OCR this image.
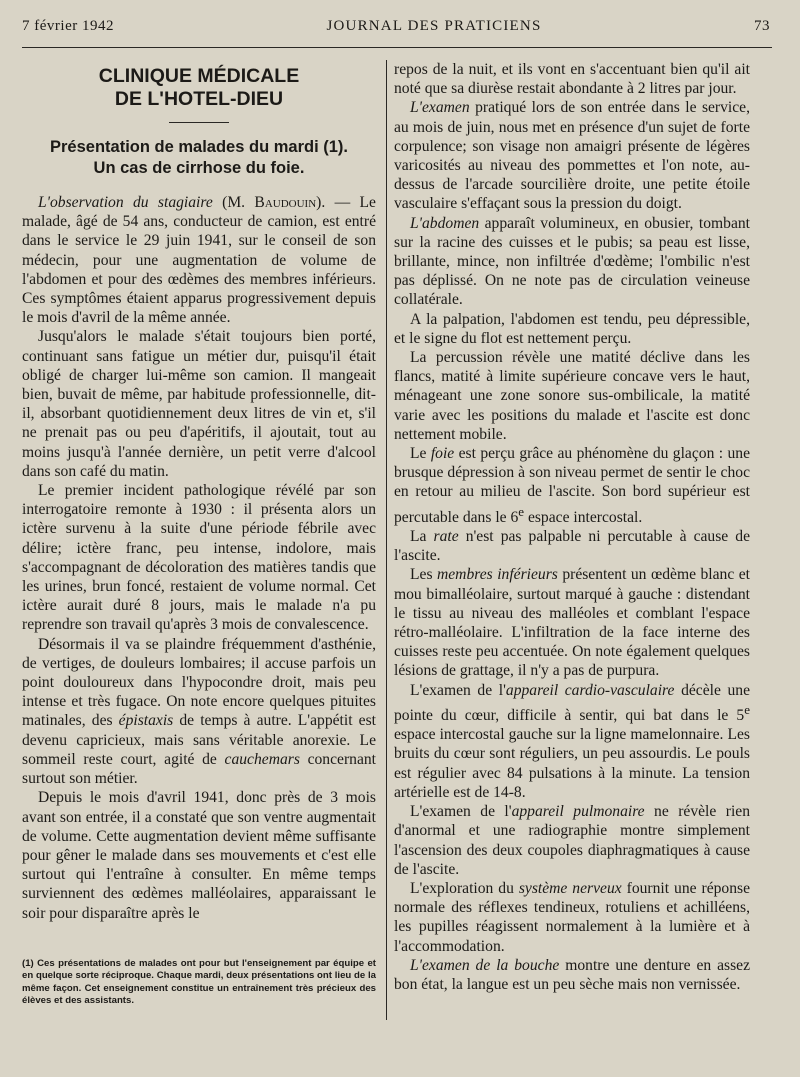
7 février 1942	JOURNAL DES PRATICIENS	73
CLINIQUE MÉDICALE
DE L'HOTEL-DIEU
Présentation de malades du mardi (1).
Un cas de cirrhose du foie.

L'observation du stagiaire (M. Baudouin). — Le malade, âgé de 54 ans, conducteur de camion, est entré dans le service le 29 juin 1941, sur le conseil de son médecin, pour une augmentation de volume de l'abdomen et pour des œdèmes des membres inférieurs. Ces symptômes étaient apparus progressivement depuis le mois d'avril de la même année.

Jusqu'alors le malade s'était toujours bien porté, continuant sans fatigue un métier dur, puisqu'il était obligé de charger lui-même son camion. Il mangeait bien, buvait de même, par habitude professionnelle, dit-il, absorbant quotidiennement deux litres de vin et, s'il ne prenait pas ou peu d'apéritifs, il ajoutait, tout au moins jusqu'à l'année dernière, un petit verre d'alcool dans son café du matin.

Le premier incident pathologique révélé par son interrogatoire remonte à 1930 : il présenta alors un ictère survenu à la suite d'une période fébrile avec délire; ictère franc, peu intense, indolore, mais s'accompagnant de décoloration des matières tandis que les urines, brun foncé, restaient de volume normal. Cet ictère aurait duré 8 jours, mais le malade n'a pu reprendre son travail qu'après 3 mois de convalescence.

Désormais il va se plaindre fréquemment d'asthénie, de vertiges, de douleurs lombaires; il accuse parfois un point douloureux dans l'hypocondre droit, mais peu intense et très fugace. On note encore quelques pituites matinales, des épistaxis de temps à autre. L'appétit est devenu capricieux, mais sans véritable anorexie. Le sommeil reste court, agité de cauchemars concernant surtout son métier.

Depuis le mois d'avril 1941, donc près de 3 mois avant son entrée, il a constaté que son ventre augmentait de volume. Cette augmentation devient même suffisante pour gêner le malade dans ses mouvements et c'est elle surtout qui l'entraîne à consulter. En même temps surviennent des œdèmes malléolaires, apparaissant le soir pour disparaître après le

(1) Ces présentations de malades ont pour but l'enseignement par équipe et en quelque sorte réciproque. Chaque mardi, deux présentations ont lieu de la même façon. Cet enseignement constitue un entraînement très précieux des élèves et des assistants.

repos de la nuit, et ils vont en s'accentuant bien qu'il ait noté que sa diurèse restait abondante à 2 litres par jour.

L'examen pratiqué lors de son entrée dans le service, au mois de juin, nous met en présence d'un sujet de forte corpulence; son visage non amaigri présente de légères varicosités au niveau des pommettes et l'on note, au-dessus de l'arcade sourcilière droite, une petite étoile vasculaire s'effaçant sous la pression du doigt.

L'abdomen apparaît volumineux, en obusier, tombant sur la racine des cuisses et le pubis; sa peau est lisse, brillante, mince, non infiltrée d'œdème; l'ombilic n'est pas déplissé. On ne note pas de circulation veineuse collatérale.

A la palpation, l'abdomen est tendu, peu dépressible, et le signe du flot est nettement perçu.

La percussion révèle une matité déclive dans les flancs, matité à limite supérieure concave vers le haut, ménageant une zone sonore sus-ombilicale, la matité varie avec les positions du malade et l'ascite est donc nettement mobile.

Le foie est perçu grâce au phénomène du glaçon : une brusque dépression à son niveau permet de sentir le choc en retour au milieu de l'ascite. Son bord supérieur est percutable dans le 6e espace intercostal.

La rate n'est pas palpable ni percutable à cause de l'ascite.

Les membres inférieurs présentent un œdème blanc et mou bimalléolaire, surtout marqué à gauche : distendant le tissu au niveau des malléoles et comblant l'espace rétro-malléolaire. L'infiltration de la face interne des cuisses reste peu accentuée. On note également quelques lésions de grattage, il n'y a pas de purpura.

L'examen de l'appareil cardio-vasculaire décèle une pointe du cœur, difficile à sentir, qui bat dans le 5e espace intercostal gauche sur la ligne mamelonnaire. Les bruits du cœur sont réguliers, un peu assourdis. Le pouls est régulier avec 84 pulsations à la minute. La tension artérielle est de 14-8.

L'examen de l'appareil pulmonaire ne révèle rien d'anormal et une radiographie montre simplement l'ascension des deux coupoles diaphragmatiques à cause de l'ascite.

L'exploration du système nerveux fournit une réponse normale des réflexes tendineux, rotuliens et achilléens, les pupilles réagissent normalement à la lumière et à l'accommodation.

L'examen de la bouche montre une denture en assez bon état, la langue est un peu sèche mais non vernissée.
